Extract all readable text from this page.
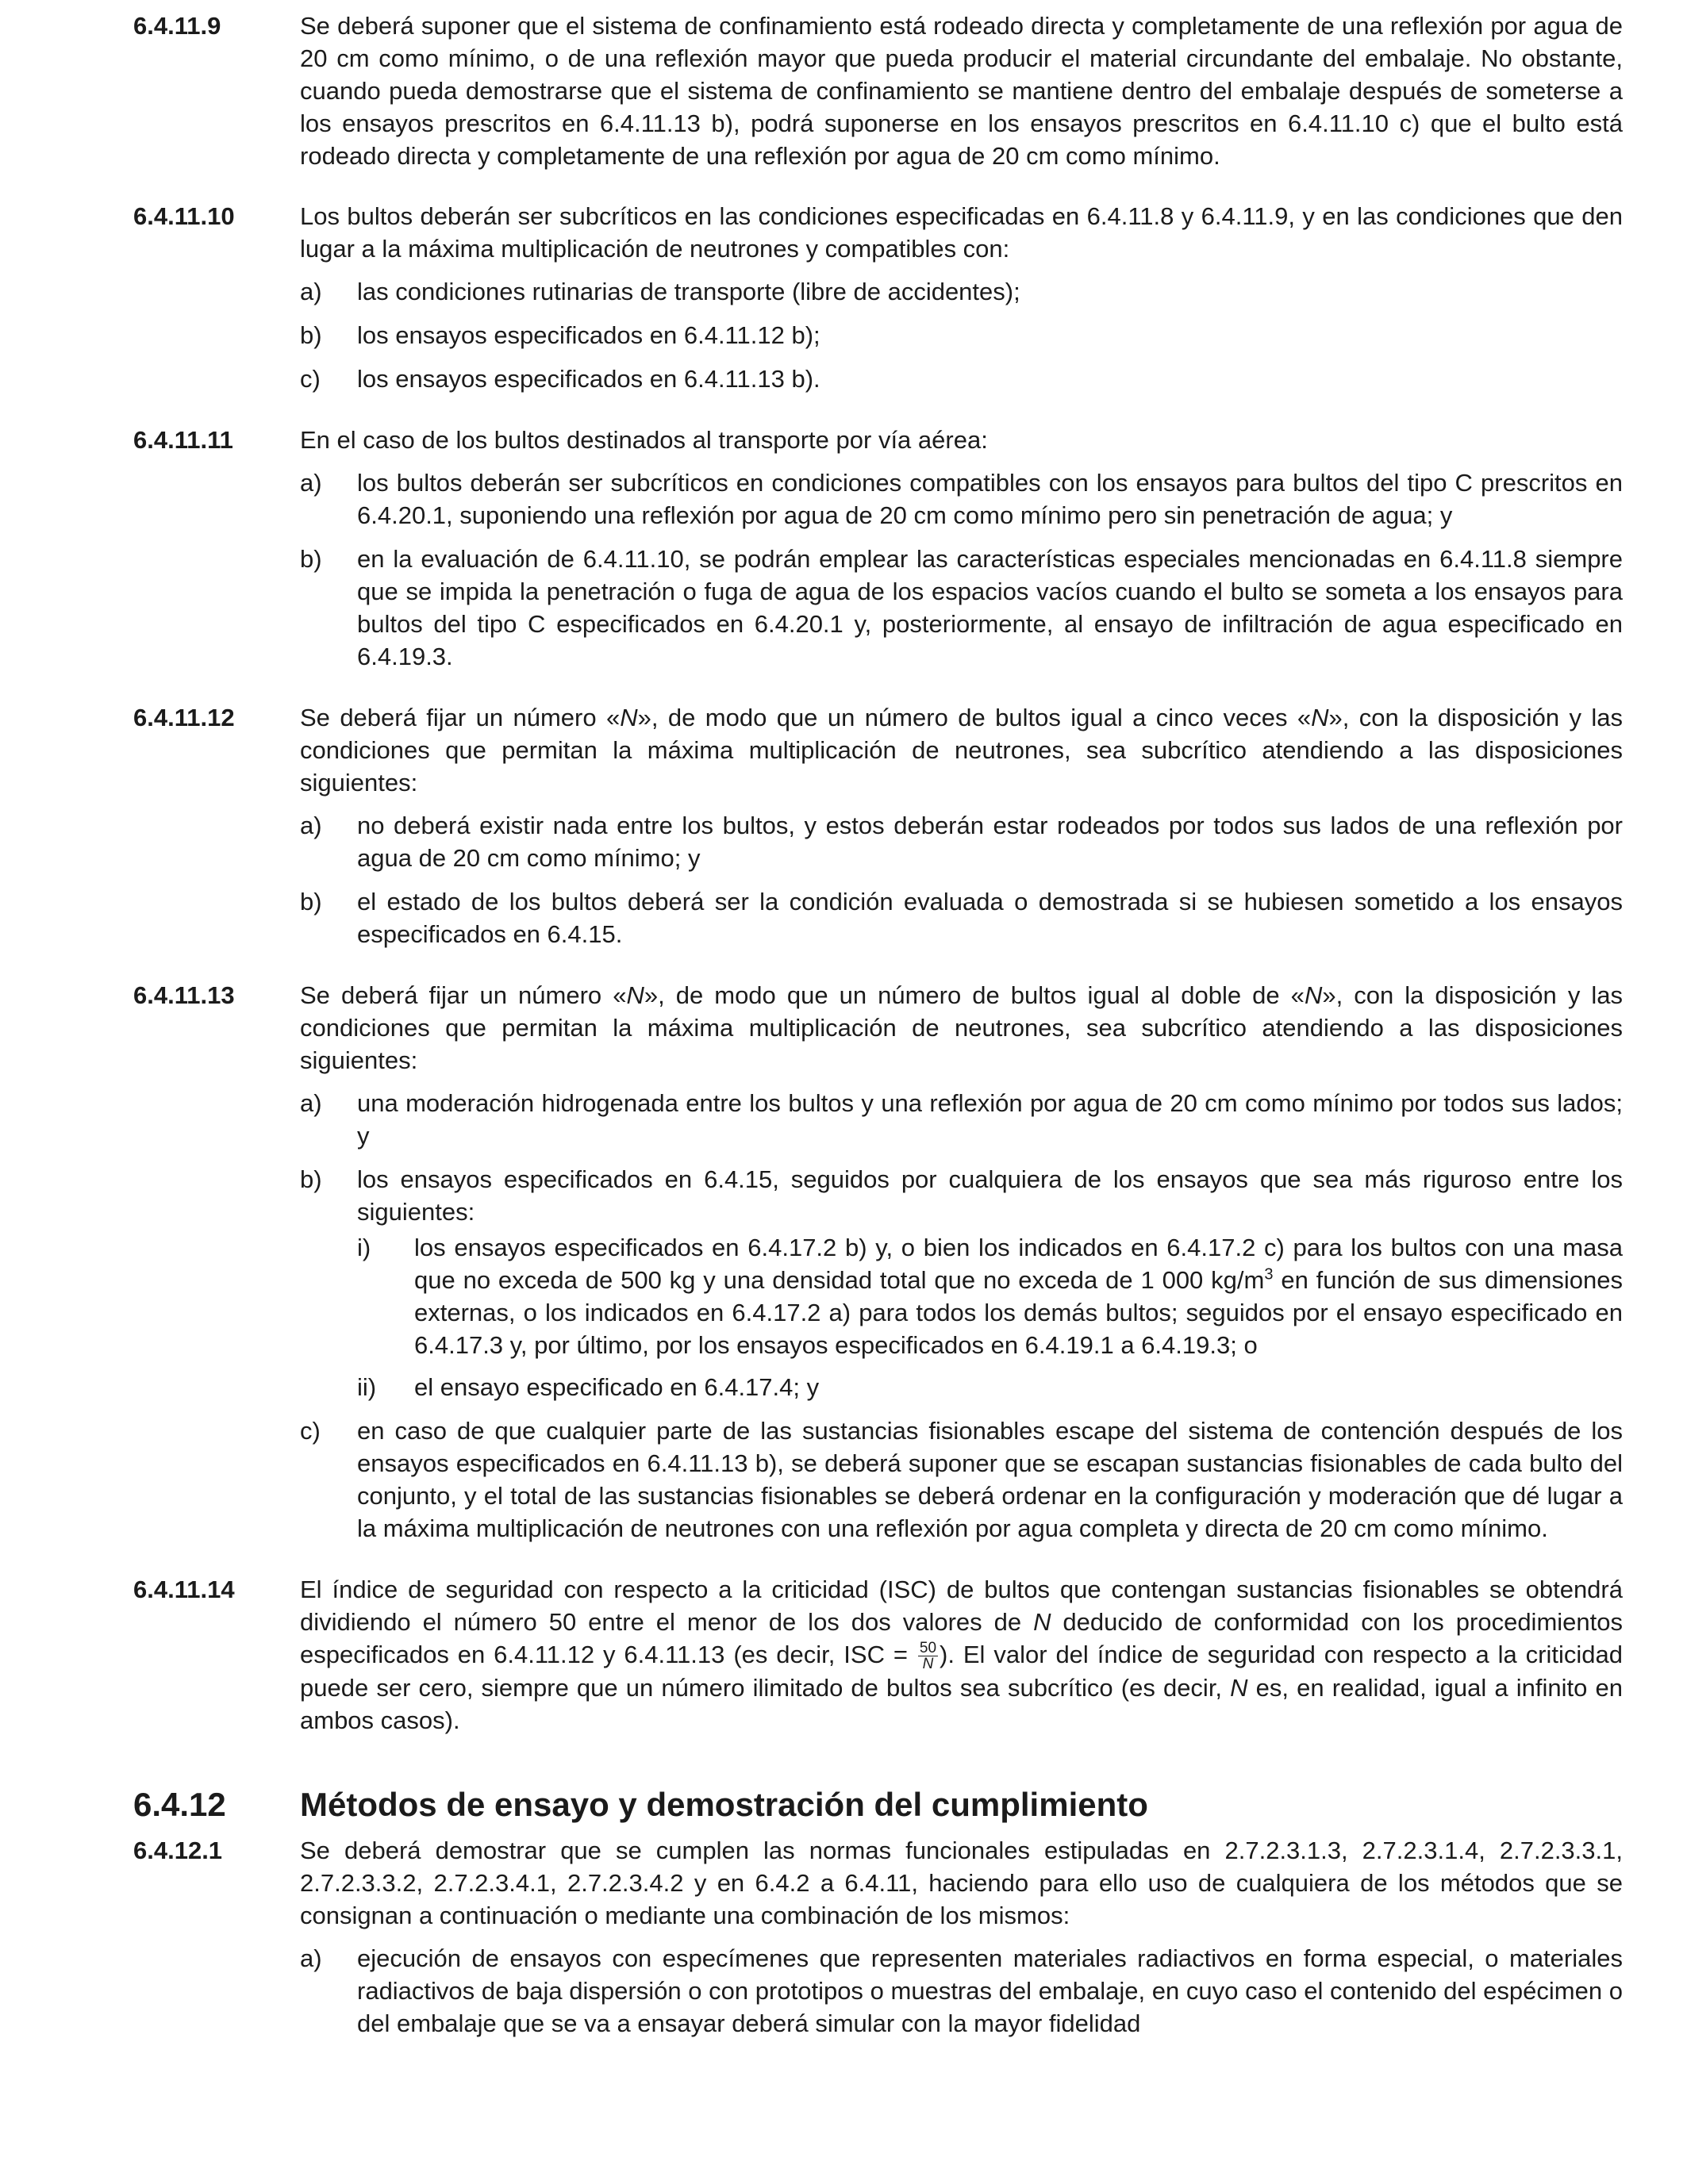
6.4.11.9	Se deberá suponer que el sistema de confinamiento está rodeado directa y completamente de una reflexión por agua de 20 cm como mínimo, o de una reflexión mayor que pueda producir el material circundante del embalaje. No obstante, cuando pueda demostrarse que el sistema de confinamiento se mantiene dentro del embalaje después de someterse a los ensayos prescritos en 6.4.11.13 b), podrá suponerse en los ensayos prescritos en 6.4.11.10 c) que el bulto está rodeado directa y completamente de una reflexión por agua de 20 cm como mínimo.
6.4.11.10	Los bultos deberán ser subcríticos en las condiciones especificadas en 6.4.11.8 y 6.4.11.9, y en las condiciones que den lugar a la máxima multiplicación de neutrones y compatibles con:
a)	las condiciones rutinarias de transporte (libre de accidentes);
b)	los ensayos especificados en 6.4.11.12 b);
c)	los ensayos especificados en 6.4.11.13 b).
6.4.11.11	En el caso de los bultos destinados al transporte por vía aérea:
a)	los bultos deberán ser subcríticos en condiciones compatibles con los ensayos para bultos del tipo C prescritos en 6.4.20.1, suponiendo una reflexión por agua de 20 cm como mínimo pero sin penetración de agua; y
b)	en la evaluación de 6.4.11.10, se podrán emplear las características especiales mencionadas en 6.4.11.8 siempre que se impida la penetración o fuga de agua de los espacios vacíos cuando el bulto se someta a los ensayos para bultos del tipo C especificados en 6.4.20.1 y, posteriormente, al ensayo de infiltración de agua especificado en 6.4.19.3.
6.4.11.12	Se deberá fijar un número «N», de modo que un número de bultos igual a cinco veces «N», con la disposición y las condiciones que permitan la máxima multiplicación de neutrones, sea subcrítico atendiendo a las disposiciones siguientes:
a)	no deberá existir nada entre los bultos, y estos deberán estar rodeados por todos sus lados de una reflexión por agua de 20 cm como mínimo; y
b)	el estado de los bultos deberá ser la condición evaluada o demostrada si se hubiesen sometido a los ensayos especificados en 6.4.15.
6.4.11.13	Se deberá fijar un número «N», de modo que un número de bultos igual al doble de «N», con la disposición y las condiciones que permitan la máxima multiplicación de neutrones, sea subcrítico atendiendo a las disposiciones siguientes:
a)	una moderación hidrogenada entre los bultos y una reflexión por agua de 20 cm como mínimo por todos sus lados; y
b)	los ensayos especificados en 6.4.15, seguidos por cualquiera de los ensayos que sea más riguroso entre los siguientes:
i)	los ensayos especificados en 6.4.17.2 b) y, o bien los indicados en 6.4.17.2 c) para los bultos con una masa que no exceda de 500 kg y una densidad total que no exceda de 1 000 $kg/m^3$ en función de sus dimensiones externas, o los indicados en 6.4.17.2 a) para todos los demás bultos; seguidos por el ensayo especificado en 6.4.17.3 y, por último, por los ensayos especificados en 6.4.19.1 a 6.4.19.3; o
ii)	el ensayo especificado en 6.4.17.4; y
c)	en caso de que cualquier parte de las sustancias fisionables escape del sistema de contención después de los ensayos especificados en 6.4.11.13 b), se deberá suponer que se escapan sustancias fisionables de cada bulto del conjunto, y el total de las sustancias fisionables se deberá ordenar en la configuración y moderación que dé lugar a la máxima multiplicación de neutrones con una reflexión por agua completa y directa de 20 cm como mínimo.
6.4.11.14	El índice de seguridad con respecto a la criticidad (ISC) de bultos que contengan sustancias fisionables se obtendrá dividiendo el número 50 entre el menor de los dos valores de N deducido de conformidad con los procedimientos especificados en 6.4.11.12 y 6.4.11.13 (es decir, ISC = $\frac{50}{N}$ ). El valor del índice de seguridad con respecto a la criticidad puede ser cero, siempre que un número ilimitado de bultos sea subcrítico (es decir, N es, en realidad, igual a infinito en ambos casos).
6.4.12	Métodos de ensayo y demostración del cumplimiento
6.4.12.1	Se deberá demostrar que se cumplen las normas funcionales estipuladas en 2.7.2.3.1.3, 2.7.2.3.1.4, 2.7.2.3.3.1, 2.7.2.3.3.2, 2.7.2.3.4.1, 2.7.2.3.4.2 y en 6.4.2 a 6.4.11, haciendo para ello uso de cualquiera de los métodos que se consignan a continuación o mediante una combinación de los mismos:
a)	ejecución de ensayos con especímenes que representen materiales radiactivos en forma especial, o materiales radiactivos de baja dispersión o con prototipos o muestras del embalaje, en cuyo caso el contenido del espécimen o del embalaje que se va a ensayar deberá simular con la mayor fidelidad
